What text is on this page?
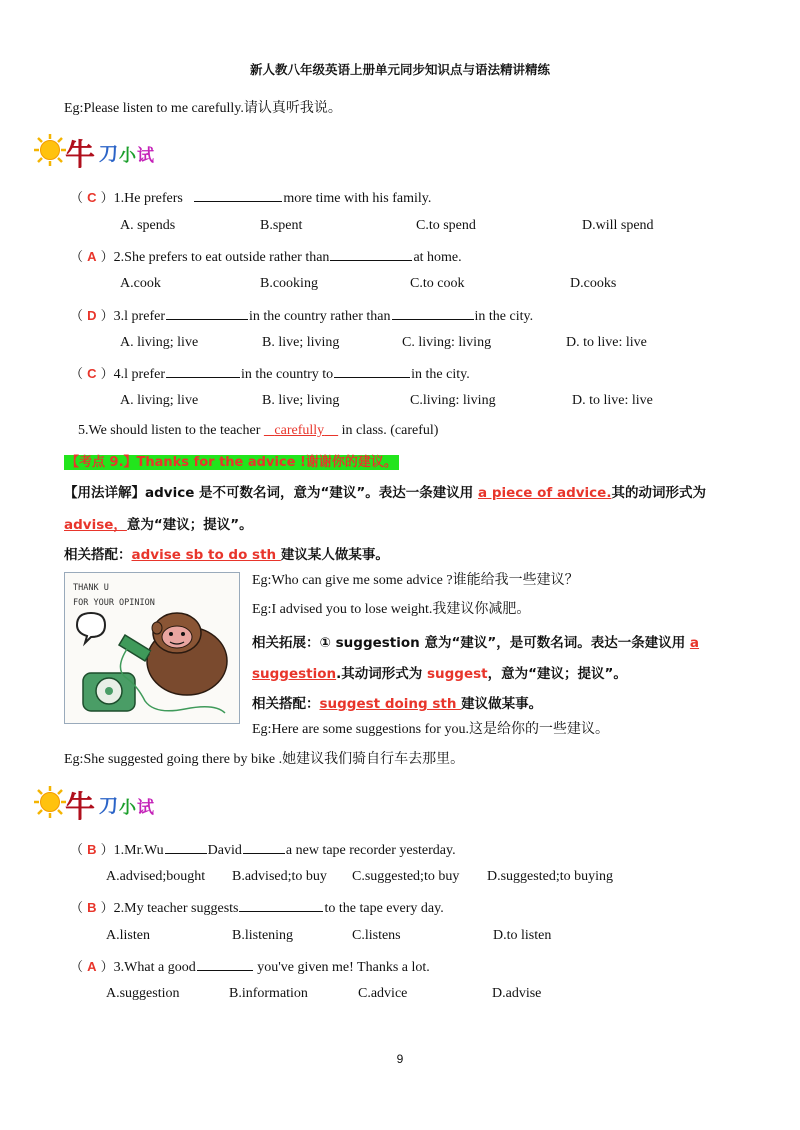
新人教八年级英语上册单元同步知识点与语法精讲精练
Eg:Please listen to me carefully.请认真听我说。
牛 刀 小 试
（ C ）1.He prefers	more time with his family.
A. spends	B.spent	C.to spend	D.will spend
（ A ）2.She prefers to eat outside rather than	at home.
A.cook	B.cooking	C.to cook	D.cooks
（ D ）3.l prefer	in the country rather than	in the city.
A. living; live	B. live; living	C. living: living	D. to live: live
（ C ）4.l prefer	in the country to	in the city.
A. living; live	B. live; living	C.living: living	D. to live: live
5.We should listen to the teacher carefully in class. (careful)
【考点 9.】Thanks for the advice !谢谢你的建议。
【用法详解】advice 是不可数名词，意为“建议”。表达一条建议用 a piece of advice.其的动词形式为
advise，意为“建议；提议”。
相关搭配：advise sb to do sth 建议某人做某事。
THANK U
FOR YOUR OPINION
Eg:Who can give me some advice ?谁能给我一些建议？
Eg:I advised you to lose weight.我建议你减肥。
相关拓展：① suggestion 意为“建议”，是可数名词。表达一条建议用 a
suggestion.其动词形式为 suggest，意为“建议；提议”。
相关搭配：suggest doing sth 建议做某事。
Eg:Here are some suggestions for you.这是给你的一些建议。
Eg:She suggested going there by bike .她建议我们骑自行车去那里。
牛 刀 小 试
（ B ）1.Mr.Wu	David	a new tape recorder yesterday.
A.advised;bought B.advised;to buy C.suggested;to buy D.suggested;to buying
（ B ）2.My teacher suggests	to the tape every day.
A.listen	B.listening	C.listens	D.to listen
（ A ）3.What a good	you've given me! Thanks a lot.
A.suggestion	B.information	C.advice	D.advise
9
